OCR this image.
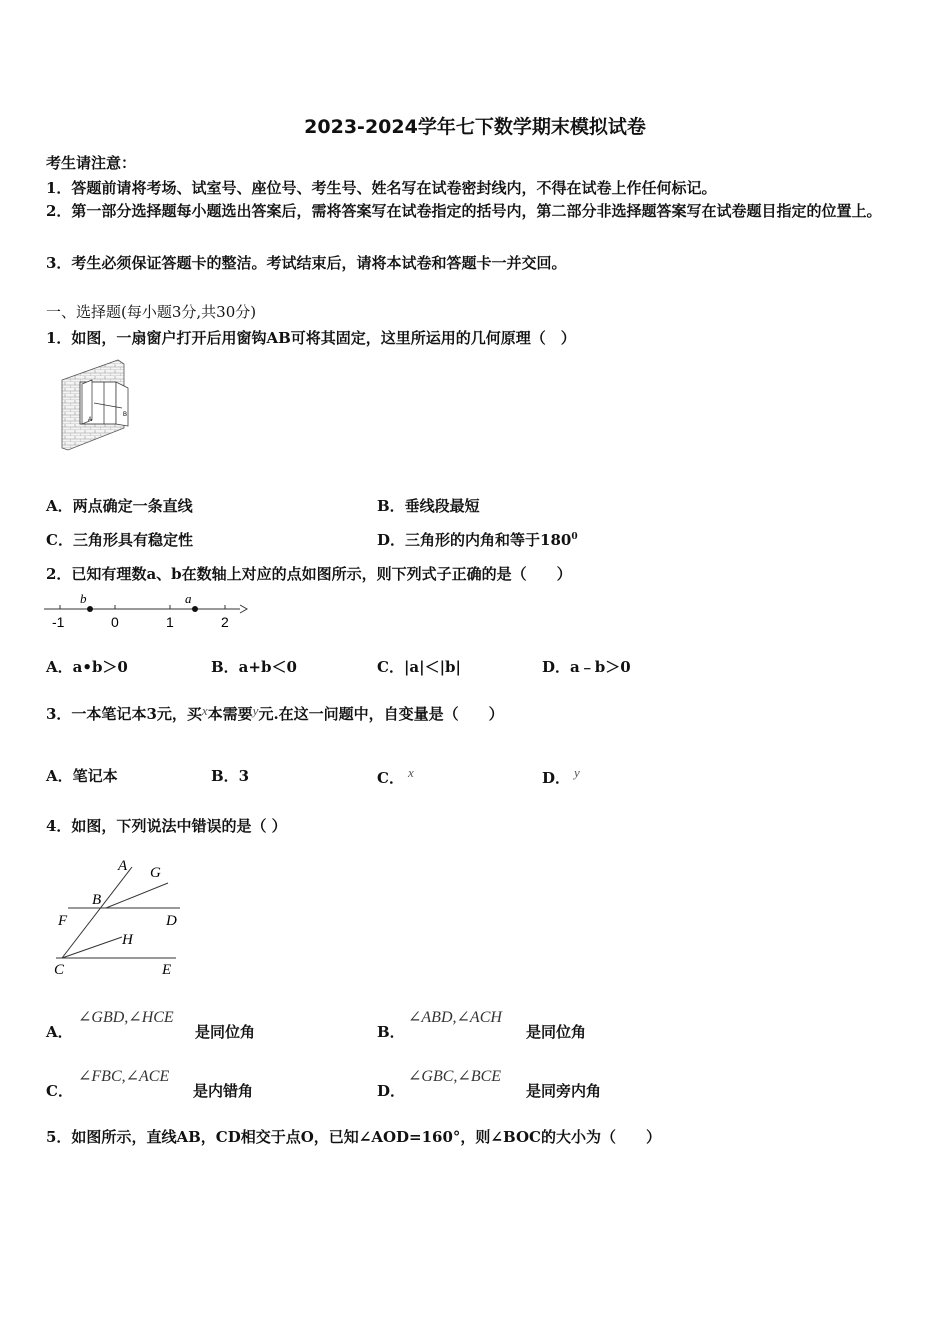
2023-2024学年七下数学期末模拟试卷
考生请注意：
1．答题前请将考场、试室号、座位号、考生号、姓名写在试卷密封线内，不得在试卷上作任何标记。
2．第一部分选择题每小题选出答案后，需将答案写在试卷指定的括号内，第二部分非选择题答案写在试卷题目指定的位置上。
3．考生必须保证答题卡的整洁。考试结束后，请将本试卷和答题卡一并交回。
一、选择题(每小题3分,共30分)
1．如图，一扇窗户打开后用窗钩AB可将其固定，这里所运用的几何原理（　）
A
B
A．两点确定一条直线	B．垂线段最短
C．三角形具有稳定性	D．三角形的内角和等于$180^0$
2．已知有理数a、b在数轴上对应的点如图所示，则下列式子正确的是（　　）
b	a
-1	0	1	2
A．a•b＞0	B．a+b＜0	C．|a|＜|b|	D．a﹣b＞0
3．一本笔记本3元，买x本需要y元.在这一问题中，自变量是（　　）
A．笔记本	B．3	C． x	D． y
4．如图，下列说法中错误的是（ ）
A G
B
F	D
H
C	E
A．
∠GBD,∠HCE
是同位角	B．
∠ABD,∠ACH
是同位角
C．
∠FBC,∠ACE
是内错角	D．
∠GBC,∠BCE
是同旁内角
5．如图所示，直线AB，CD相交于点O，已知∠AOD=160°，则∠BOC的大小为（　　）
